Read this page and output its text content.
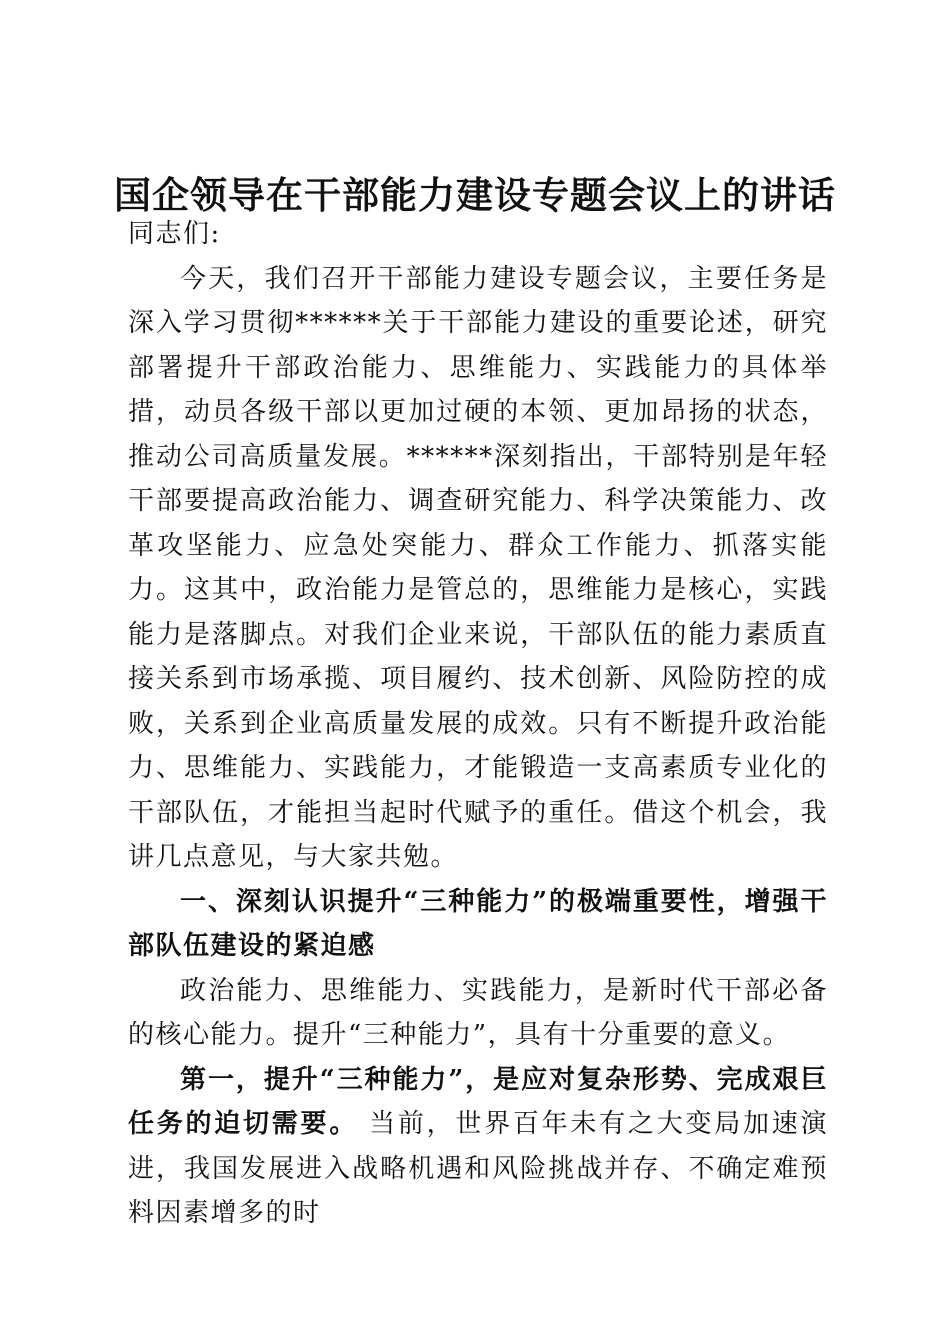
国企领导在干部能力建设专题会议上的讲话

同志们:

今天，我们召开干部能力建设专题会议，主要任务是深入学习贯彻******关于干部能力建设的重要论述，研究部署提升干部政治能力、思维能力、实践能力的具体举措，动员各级干部以更加过硬的本领、更加昂扬的状态，推动公司高质量发展。******深刻指出，干部特别是年轻干部要提高政治能力、调查研究能力、科学决策能力、改革攻坚能力、应急处突能力、群众工作能力、抓落实能力。这其中，政治能力是管总的，思维能力是核心，实践能力是落脚点。对我们企业来说，干部队伍的能力素质直接关系到市场承揽、项目履约、技术创新、风险防控的成败，关系到企业高质量发展的成效。只有不断提升政治能力、思维能力、实践能力，才能锻造一支高素质专业化的干部队伍，才能担当起时代赋予的重任。借这个机会，我讲几点意见，与大家共勉。

一、深刻认识提升“三种能力”的极端重要性，增强干部队伍建设的紧迫感

政治能力、思维能力、实践能力，是新时代干部必备的核心能力。提升“三种能力”，具有十分重要的意义。

第一，提升“三种能力”，是应对复杂形势、完成艰巨任务的迫切需要。 当前，世界百年未有之大变局加速演进，我国发展进入战略机遇和风险挑战并存、不确定难预料因素增多的时
